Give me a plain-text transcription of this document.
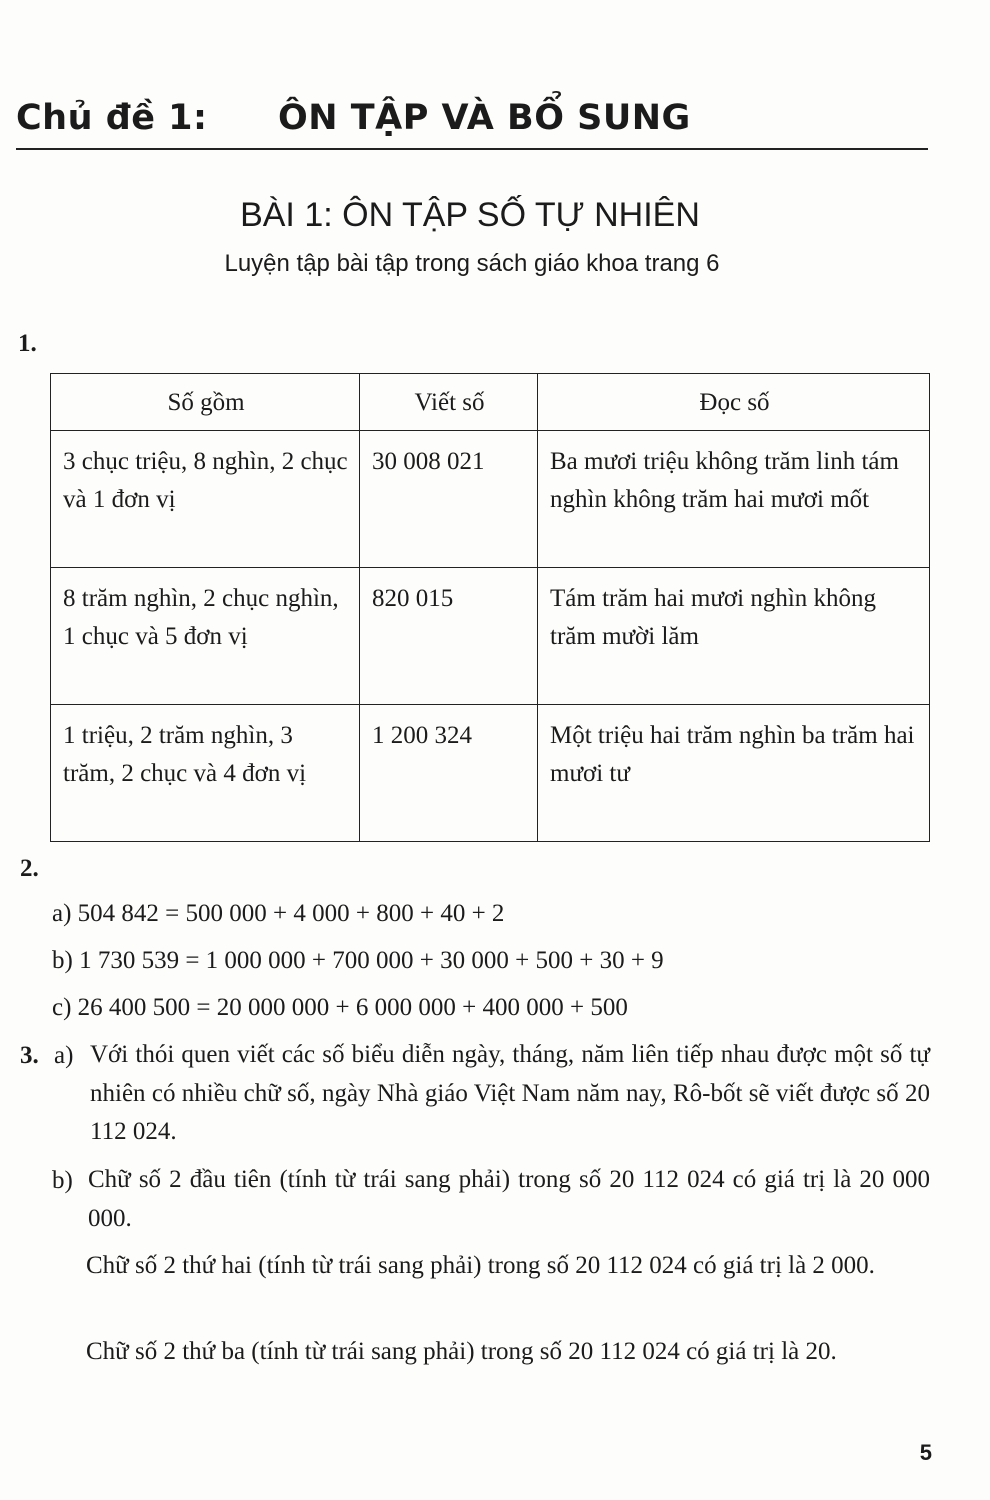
Chủ đề 1: ÔN TẬP VÀ BỔ SUNG
BÀI 1: ÔN TẬP SỐ TỰ NHIÊN
Luyện tập bài tập trong sách giáo khoa trang 6
1.
Số gồm	Viết số	Đọc số
3 chục triệu, 8 nghìn, 2 chục và 1 đơn vị	30 008 021	Ba mươi triệu không trăm linh tám nghìn không trăm hai mươi mốt
8 trăm nghìn, 2 chục nghìn, 1 chục và 5 đơn vị	820 015	Tám trăm hai mươi nghìn không trăm mười lăm
1 triệu, 2 trăm nghìn, 3 trăm, 2 chục và 4 đơn vị	1 200 324	Một triệu hai trăm nghìn ba trăm hai mươi tư
2.
a) 504 842 = 500 000 + 4 000 + 800 + 40 + 2
b) 1 730 539 = 1 000 000 + 700 000 + 30 000 + 500 + 30 + 9
c) 26 400 500 = 20 000 000 + 6 000 000 + 400 000 + 500
3. a) Với thói quen viết các số biểu diễn ngày, tháng, năm liên tiếp nhau được một số tự nhiên có nhiều chữ số, ngày Nhà giáo Việt Nam năm nay, Rô-bốt sẽ viết được số 20 112 024.
b) Chữ số 2 đầu tiên (tính từ trái sang phải) trong số 20 112 024 có giá trị là 20 000 000.
Chữ số 2 thứ hai (tính từ trái sang phải) trong số 20 112 024 có giá trị là 2 000.
Chữ số 2 thứ ba (tính từ trái sang phải) trong số 20 112 024 có giá trị là 20.
5
